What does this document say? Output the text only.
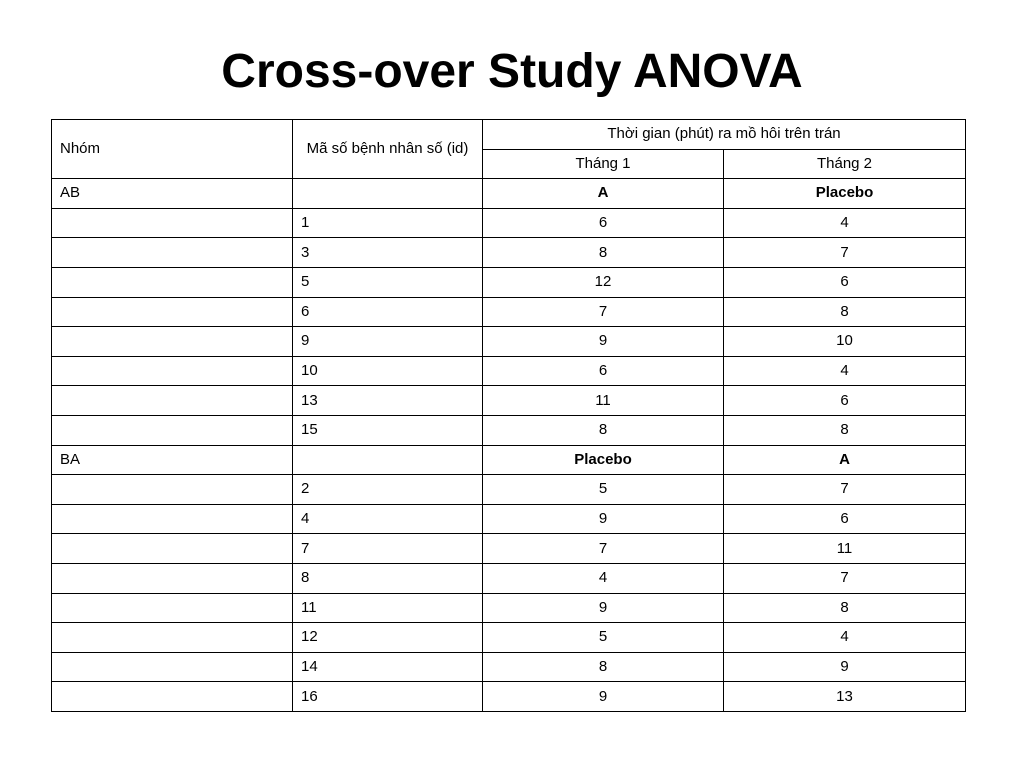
Cross-over Study ANOVA
Nhóm	Mã số bệnh nhân số (id)	Thời gian (phút) ra mồ hôi trên trán	
		Tháng 1	Tháng 2
AB		A	Placebo
	1	6	4
	3	8	7
	5	12	6
	6	7	8
	9	9	10
	10	6	4
	13	11	6
	15	8	8
BA		Placebo	A
	2	5	7
	4	9	6
	7	7	11
	8	4	7
	11	9	8
	12	5	4
	14	8	9
	16	9	13
